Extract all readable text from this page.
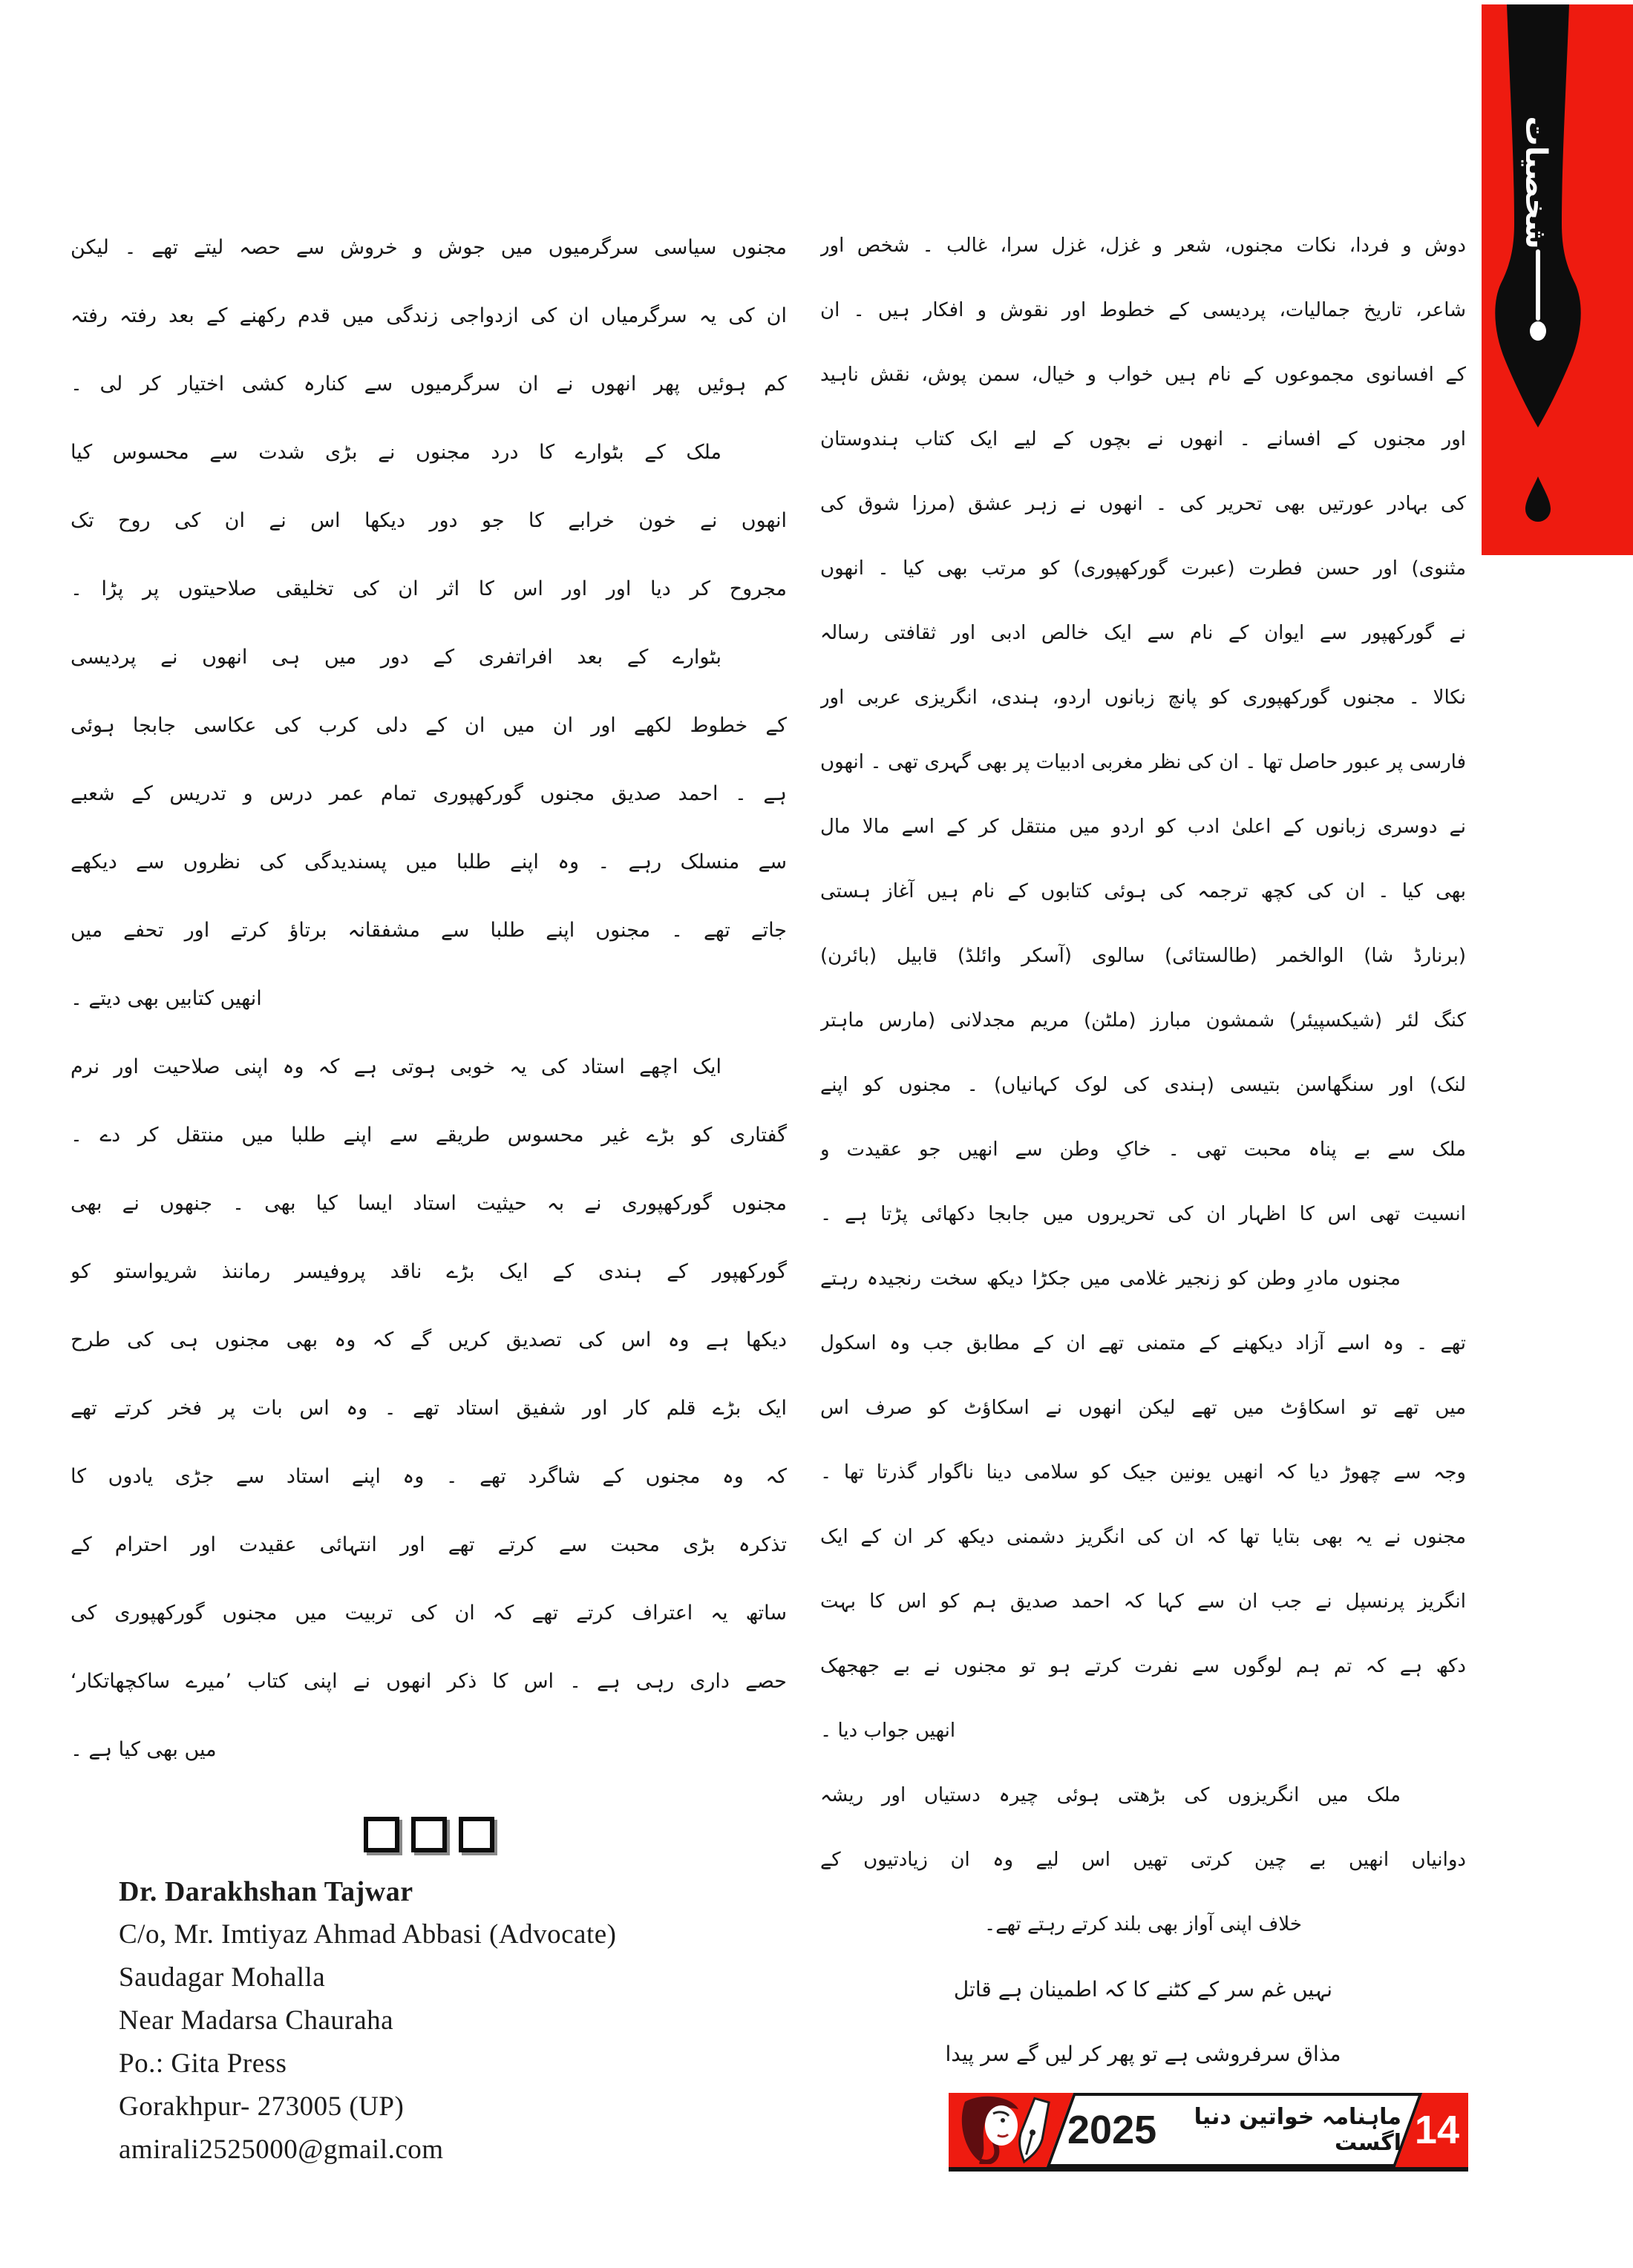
دوش و فردا، نکات مجنوں، شعر و غزل، غزل سرا، غالب ۔ شخص اور
شاعر، تاریخ جمالیات، پردیسی کے خطوط اور نقوش و افکار ہیں ۔ ان
کے افسانوی مجموعوں کے نام ہیں خواب و خیال، سمن پوش، نقش ناہید
اور مجنوں کے افسانے ۔ انھوں نے بچوں کے لیے ایک کتاب ہندوستان
کی بہادر عورتیں بھی تحریر کی ۔ انھوں نے زہر عشق (مرزا شوق کی
مثنوی) اور حسن فطرت (عبرت گورکھپوری) کو مرتب بھی کیا ۔ انھوں
نے گورکھپور سے ایوان کے نام سے ایک خالص ادبی اور ثقافتی رسالہ
نکالا ۔ مجنوں گورکھپوری کو پانچ زبانوں اردو، ہندی، انگریزی عربی اور
فارسی پر عبور حاصل تھا ۔ ان کی نظر مغربی ادبیات پر بھی گہری تھی ۔ انھوں
نے دوسری زبانوں کے اعلیٰ ادب کو اردو میں منتقل کر کے اسے مالا مال
بھی کیا ۔ ان کی کچھ ترجمہ کی ہوئی کتابوں کے نام ہیں آغاز ہستی
(برنارڈ شا) الوالخمر (طالستائی) سالوی (آسکر وائلڈ) قابیل (بائرن)
کنگ لئر (شیکسپیئر) شمشون مبارز (ملٹن) مریم مجدلانی (مارس ماہتر
لنک) اور سنگھاسن بتیسی (ہندی کی لوک کہانیاں) ۔ مجنوں کو اپنے
ملک سے بے پناہ محبت تھی ۔ خاکِ وطن سے انھیں جو عقیدت و
انسیت تھی اس کا اظہار ان کی تحریروں میں جابجا دکھائی پڑتا ہے ۔
مجنوں مادرِ وطن کو زنجیر غلامی میں جکڑا دیکھ سخت رنجیدہ رہتے
تھے ۔ وہ اسے آزاد دیکھنے کے متمنی تھے ان کے مطابق جب وہ اسکول
میں تھے تو اسکاؤٹ میں تھے لیکن انھوں نے اسکاؤٹ کو صرف اس
وجہ سے چھوڑ دیا کہ انھیں یونین جیک کو سلامی دینا ناگوار گذرتا تھا ۔
مجنوں نے یہ بھی بتایا تھا کہ ان کی انگریز دشمنی دیکھ کر ان کے ایک
انگریز پرنسپل نے جب ان سے کہا کہ احمد صدیق ہم کو اس کا بہت
دکھ ہے کہ تم ہم لوگوں سے نفرت کرتے ہو تو مجنوں نے بے جھجھک
انھیں جواب دیا ۔
ملک میں انگریزوں کی بڑھتی ہوئی چیرہ دستیاں اور ریشہ
دوانیاں انھیں بے چین کرتی تھیں اس لیے وہ ان زیادتیوں کے
خلاف اپنی آواز بھی بلند کرتے رہتے تھے۔
نہیں غم سر کے کٹنے کا کہ اطمینان ہے قاتل
مذاق سرفروشی ہے تو پھر کر لیں گے سر پیدا
مجنوں سیاسی سرگرمیوں میں جوش و خروش سے حصہ لیتے تھے ۔ لیکن
ان کی یہ سرگرمیاں ان کی ازدواجی زندگی میں قدم رکھنے کے بعد رفتہ رفتہ
کم ہوئیں پھر انھوں نے ان سرگرمیوں سے کنارہ کشی اختیار کر لی ۔
ملک کے بٹوارے کا درد مجنوں نے بڑی شدت سے محسوس کیا
انھوں نے خون خرابے کا جو دور دیکھا اس نے ان کی روح تک
مجروح کر دیا اور اور اس کا اثر ان کی تخلیقی صلاحیتوں پر پڑا ۔
بٹوارے کے بعد افراتفری کے دور میں ہی انھوں نے پردیسی
کے خطوط لکھے اور ان میں ان کے دلی کرب کی عکاسی جابجا ہوئی
ہے ۔ احمد صدیق مجنوں گورکھپوری تمام عمر درس و تدریس کے شعبے
سے منسلک رہے ۔ وہ اپنے طلبا میں پسندیدگی کی نظروں سے دیکھے
جاتے تھے ۔ مجنوں اپنے طلبا سے مشفقانہ برتاؤ کرتے اور تحفے میں
انھیں کتابیں بھی دیتے ۔
ایک اچھے استاد کی یہ خوبی ہوتی ہے کہ وہ اپنی صلاحیت اور نرم
گفتاری کو بڑے غیر محسوس طریقے سے اپنے طلبا میں منتقل کر دے ۔
مجنوں گورکھپوری نے بہ حیثیت استاد ایسا کیا بھی ۔ جنھوں نے بھی
گورکھپور کے ہندی کے ایک بڑے ناقد پروفیسر رماننذ شریواستو کو
دیکھا ہے وہ اس کی تصدیق کریں گے کہ وہ بھی مجنوں ہی کی طرح
ایک بڑے قلم کار اور شفیق استاد تھے ۔ وہ اس بات پر فخر کرتے تھے
کہ وہ مجنوں کے شاگرد تھے ۔ وہ اپنے استاد سے جڑی یادوں کا
تذکرہ بڑی محبت سے کرتے تھے اور انتہائی عقیدت اور احترام کے
ساتھ یہ اعتراف کرتے تھے کہ ان کی تربیت میں مجنوں گورکھپوری کی
حصے داری رہی ہے ۔ اس کا ذکر انھوں نے اپنی کتاب ’میرے ساکچھاتکار‘
میں بھی کیا ہے ۔
Dr. Darakhshan Tajwar
C/o, Mr. Imtiyaz Ahmad Abbasi (Advocate)
Saudagar Mohalla
Near Madarsa Chauraha
Po.: Gita Press
Gorakhpur- 273005 (UP)
amirali2525000@gmail.com
شخصیات
ماہنامہ خواتین دنیا اگست
2025	14
